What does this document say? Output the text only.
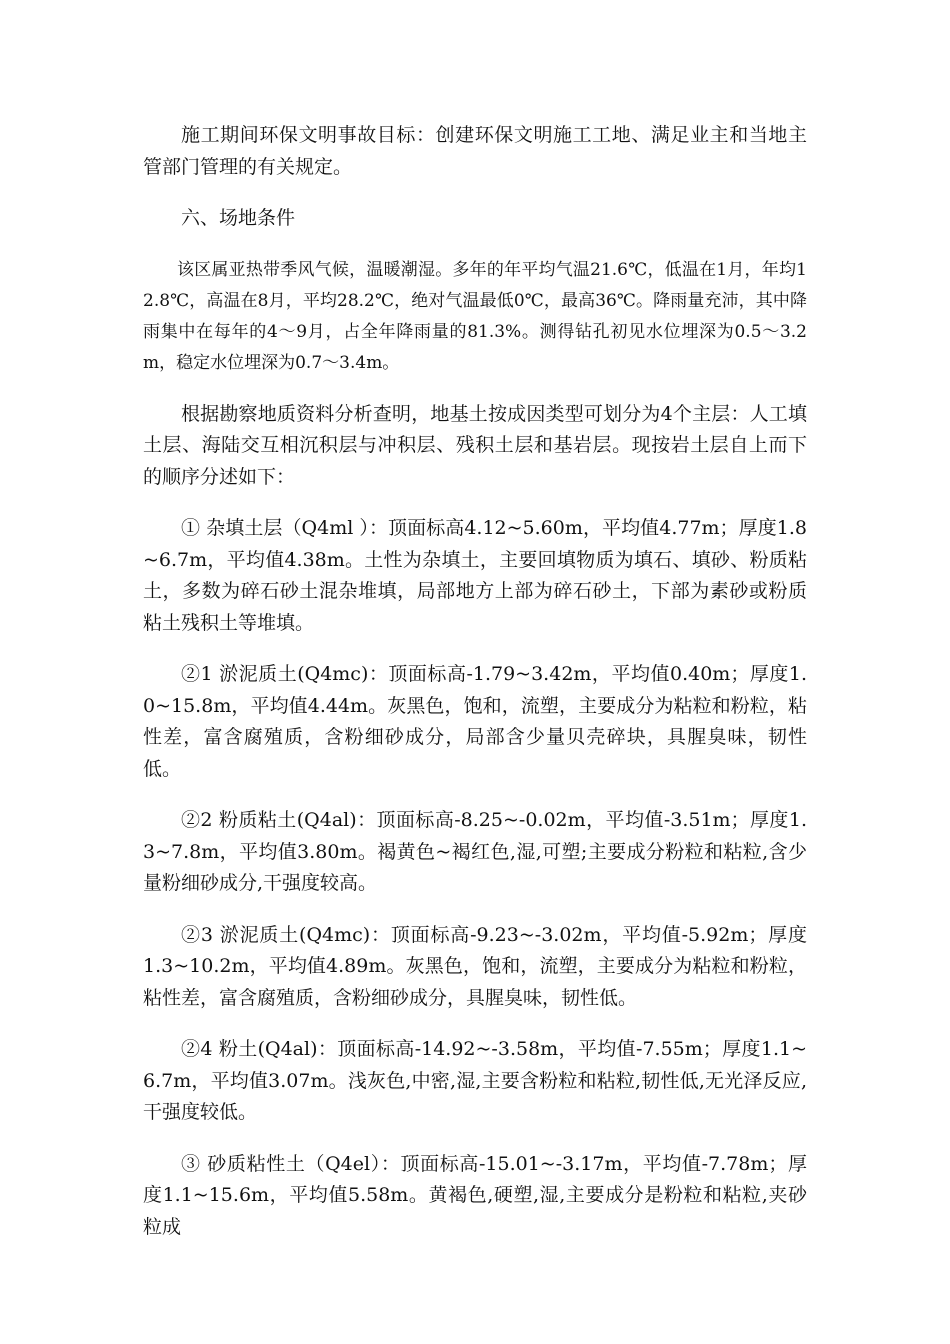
施工期间环保文明事故目标：创建环保文明施工工地、满足业主和当地主管部门管理的有关规定。

六、场地条件

该区属亚热带季风气候，温暖潮湿。多年的年平均气温21.6℃，低温在1月，年均12.8℃，高温在8月，平均28.2℃，绝对气温最低0℃，最高36℃。降雨量充沛，其中降雨集中在每年的4～9月，占全年降雨量的81.3%。测得钻孔初见水位埋深为0.5～3.2m，稳定水位埋深为0.7～3.4m。

根据勘察地质资料分析查明，地基土按成因类型可划分为4个主层：人工填土层、海陆交互相沉积层与冲积层、残积土层和基岩层。现按岩土层自上而下的顺序分述如下：

① 杂填土层（Q4ml ）：顶面标高4.12~5.60m，平均值4.77m；厚度1.8~6.7m，平均值4.38m。土性为杂填土，主要回填物质为填石、填砂、粉质粘土，多数为碎石砂土混杂堆填，局部地方上部为碎石砂土，下部为素砂或粉质粘土残积土等堆填。

②1 淤泥质土(Q4mc)：顶面标高-1.79~3.42m，平均值0.40m；厚度1.0~15.8m，平均值4.44m。灰黑色，饱和，流塑，主要成分为粘粒和粉粒，粘性差，富含腐殖质，含粉细砂成分，局部含少量贝壳碎块，具腥臭味，韧性低。

②2 粉质粘土(Q4al)：顶面标高-8.25~-0.02m，平均值-3.51m；厚度1.3~7.8m，平均值3.80m。褐黄色~褐红色,湿,可塑;主要成分粉粒和粘粒,含少量粉细砂成分,干强度较高。

②3 淤泥质土(Q4mc)：顶面标高-9.23~-3.02m，平均值-5.92m；厚度1.3~10.2m，平均值4.89m。灰黑色，饱和，流塑，主要成分为粘粒和粉粒，粘性差，富含腐殖质，含粉细砂成分，具腥臭味，韧性低。

②4 粉土(Q4al)：顶面标高-14.92~-3.58m，平均值-7.55m；厚度1.1~6.7m，平均值3.07m。浅灰色,中密,湿,主要含粉粒和粘粒,韧性低,无光泽反应,干强度较低。

③ 砂质粘性土（Q4el）：顶面标高-15.01~-3.17m，平均值-7.78m；厚度1.1~15.6m，平均值5.58m。黄褐色,硬塑,湿,主要成分是粉粒和粘粒,夹砂粒成
